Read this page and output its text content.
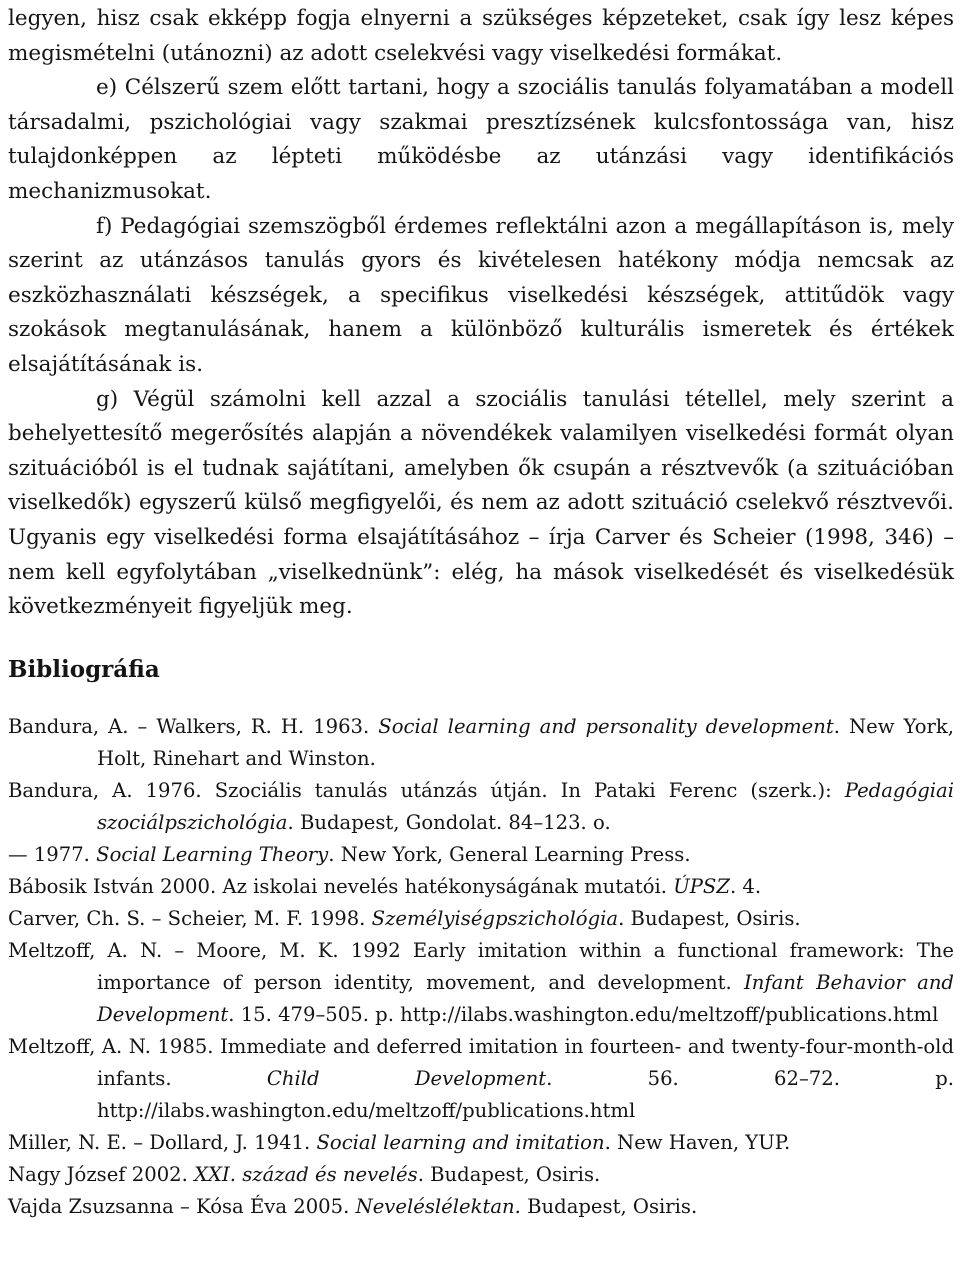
legyen, hisz csak ekképp fogja elnyerni a szükséges képzeteket, csak így lesz képes megismételni (utánozni) az adott cselekvési vagy viselkedési formákat.

e) Célszerű szem előtt tartani, hogy a szociális tanulás folyamatában a modell társadalmi, pszichológiai vagy szakmai presztízsének kulcsfontossága van, hisz tulajdonképpen az lépteti működésbe az utánzási vagy identifikációs mechanizmusokat.

f) Pedagógiai szemszögből érdemes reflektálni azon a megállapításon is, mely szerint az utánzásos tanulás gyors és kivételesen hatékony módja nemcsak az eszközhasználati készségek, a specifikus viselkedési készségek, attitűdök vagy szokások megtanulásának, hanem a különböző kulturális ismeretek és értékek elsajátításának is.

g) Végül számolni kell azzal a szociális tanulási tétellel, mely szerint a behelyettesítő megerősítés alapján a növendékek valamilyen viselkedési formát olyan szituációból is el tudnak sajátítani, amelyben ők csupán a résztvevők (a szituációban viselkedők) egyszerű külső megfigyelői, és nem az adott szituáció cselekvő résztvevői. Ugyanis egy viselkedési forma elsajátításához – írja Carver és Scheier (1998, 346) – nem kell egyfolytában „viselkednünk”: elég, ha mások viselkedését és viselkedésük következményeit figyeljük meg.

Bibliográfia

Bandura, A. – Walkers, R. H. 1963. Social learning and personality development. New York, Holt, Rinehart and Winston.

Bandura, A. 1976. Szociális tanulás utánzás útján. In Pataki Ferenc (szerk.): Pedagógiai szociálpszichológia. Budapest, Gondolat. 84–123. o.

— 1977. Social Learning Theory. New York, General Learning Press.

Bábosik István 2000. Az iskolai nevelés hatékonyságának mutatói. ÚPSZ. 4.

Carver, Ch. S. – Scheier, M. F. 1998. Személyiségpszichológia. Budapest, Osiris.

Meltzoff, A. N. – Moore, M. K. 1992 Early imitation within a functional framework: The importance of person identity, movement, and development. Infant Behavior and Development. 15. 479–505. p. http://ilabs.washington.edu/meltzoff/publications.html

Meltzoff, A. N. 1985. Immediate and deferred imitation in fourteen- and twenty-four-month-old infants. Child Development. 56. 62–72. p. http://ilabs.washington.edu/meltzoff/publications.html

Miller, N. E. – Dollard, J. 1941. Social learning and imitation. New Haven, YUP.

Nagy József 2002. XXI. század és nevelés. Budapest, Osiris.

Vajda Zsuzsanna – Kósa Éva 2005. Neveléslélektan. Budapest, Osiris.
